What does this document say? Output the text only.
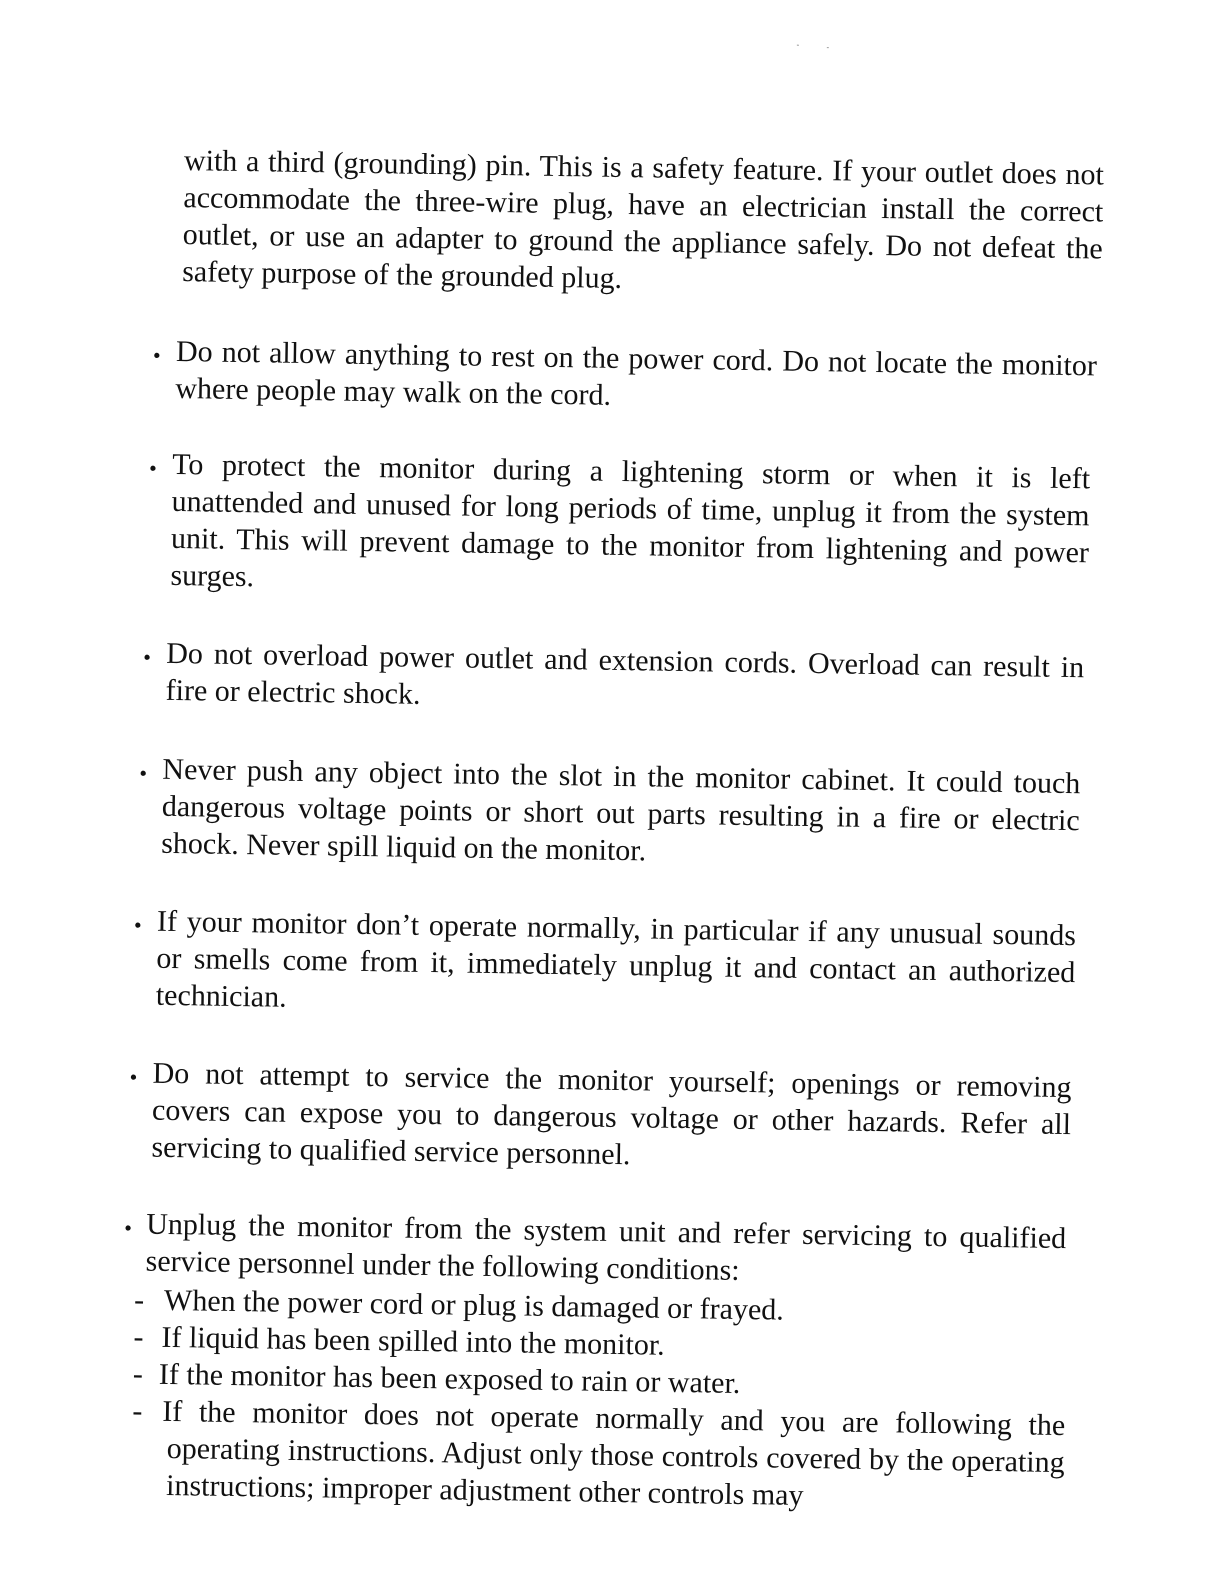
with a third (grounding) pin. This is a safety feature. If your outlet does not accommodate the three-wire plug, have an electrician install the correct outlet, or use an adapter to ground the appliance safely. Do not defeat the safety purpose of the grounded plug.
• Do not allow anything to rest on the power cord. Do not locate the monitor where people may walk on the cord.
• To protect the monitor during a lightening storm or when it is left unattended and unused for long periods of time, unplug it from the system unit. This will prevent damage to the monitor from lightening and power surges.
• Do not overload power outlet and extension cords. Overload can result in fire or electric shock.
• Never push any object into the slot in the monitor cabinet. It could touch dangerous voltage points or short out parts resulting in a fire or electric shock. Never spill liquid on the monitor.
• If your monitor don’t operate normally, in particular if any unusual sounds or smells come from it, immediately unplug it and contact an authorized technician.
• Do not attempt to service the monitor yourself; openings or removing covers can expose you to dangerous voltage or other hazards. Refer all servicing to qualified service personnel.
• Unplug the monitor from the system unit and refer servicing to qualified service personnel under the following conditions:
- When the power cord or plug is damaged or frayed.
- If liquid has been spilled into the monitor.
- If the monitor has been exposed to rain or water.
- If the monitor does not operate normally and you are following the operating instructions. Adjust only those controls covered by the operating instructions; improper adjustment other controls may
